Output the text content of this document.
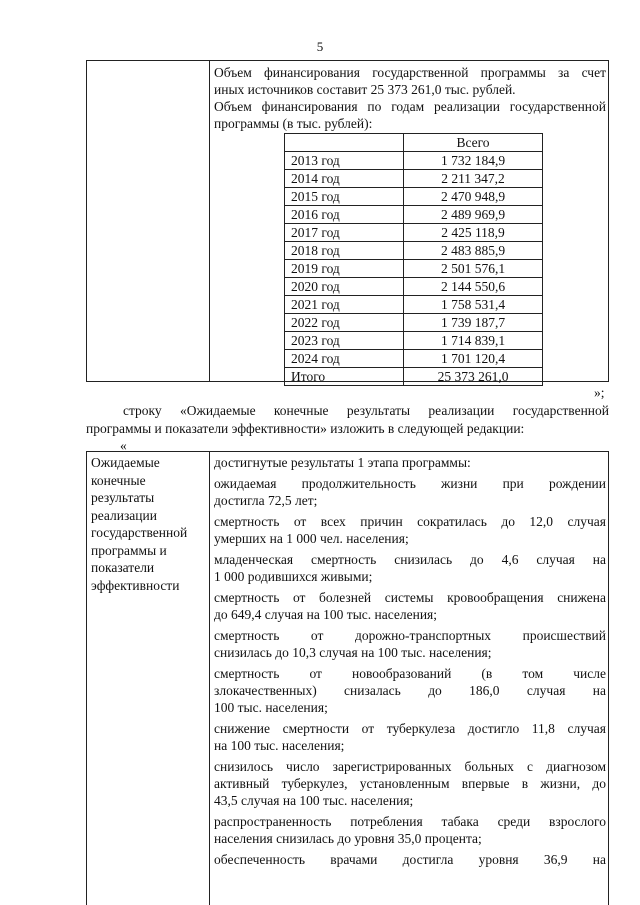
5
Объем финансирования государственной программы за счет
иных источников составит 25 373 261,0 тыс. рублей.
Объем финансирования по годам реализации государственной
программы (в тыс. рублей):
	Всего
2013 год	1 732 184,9
2014 год	2 211 347,2
2015 год	2 470 948,9
2016 год	2 489 969,9
2017 год	2 425 118,9
2018 год	2 483 885,9
2019 год	2 501 576,1
2020 год	2 144 550,6
2021 год	1 758 531,4
2022 год	1 739 187,7
2023 год	1 714 839,1
2024 год	1 701 120,4
Итого	25 373 261,0
»;
строку «Ожидаемые конечные результаты реализации государственной
программы и показатели эффективности» изложить в следующей редакции:
«
Ожидаемые
конечные
результаты
реализации
государственной
программы и
показатели
эффективности
достигнутые результаты 1 этапа программы:
ожидаемая продолжительность жизни при рождении
достигла 72,5 лет;
смертность от всех причин сократилась до 12,0 случая
умерших на 1 000 чел. населения;
младенческая смертность снизилась до 4,6 случая на
1 000 родившихся живыми;
смертность от болезней системы кровообращения снижена
до 649,4 случая на 100 тыс. населения;
смертность от дорожно-транспортных происшествий
снизилась до 10,3 случая на 100 тыс. населения;
смертность от новообразований (в том числе
злокачественных) снизалась до 186,0 случая на
100 тыс. населения;
снижение смертности от туберкулеза достигло 11,8 случая
на 100 тыс. населения;
снизилось число зарегистрированных больных с диагнозом
активный туберкулез, установленным впервые в жизни, до
43,5 случая на 100 тыс. населения;
распространенность потребления табака среди взрослого
населения снизилась до уровня 35,0 процента;
обеспеченность врачами достигла уровня 36,9 на
